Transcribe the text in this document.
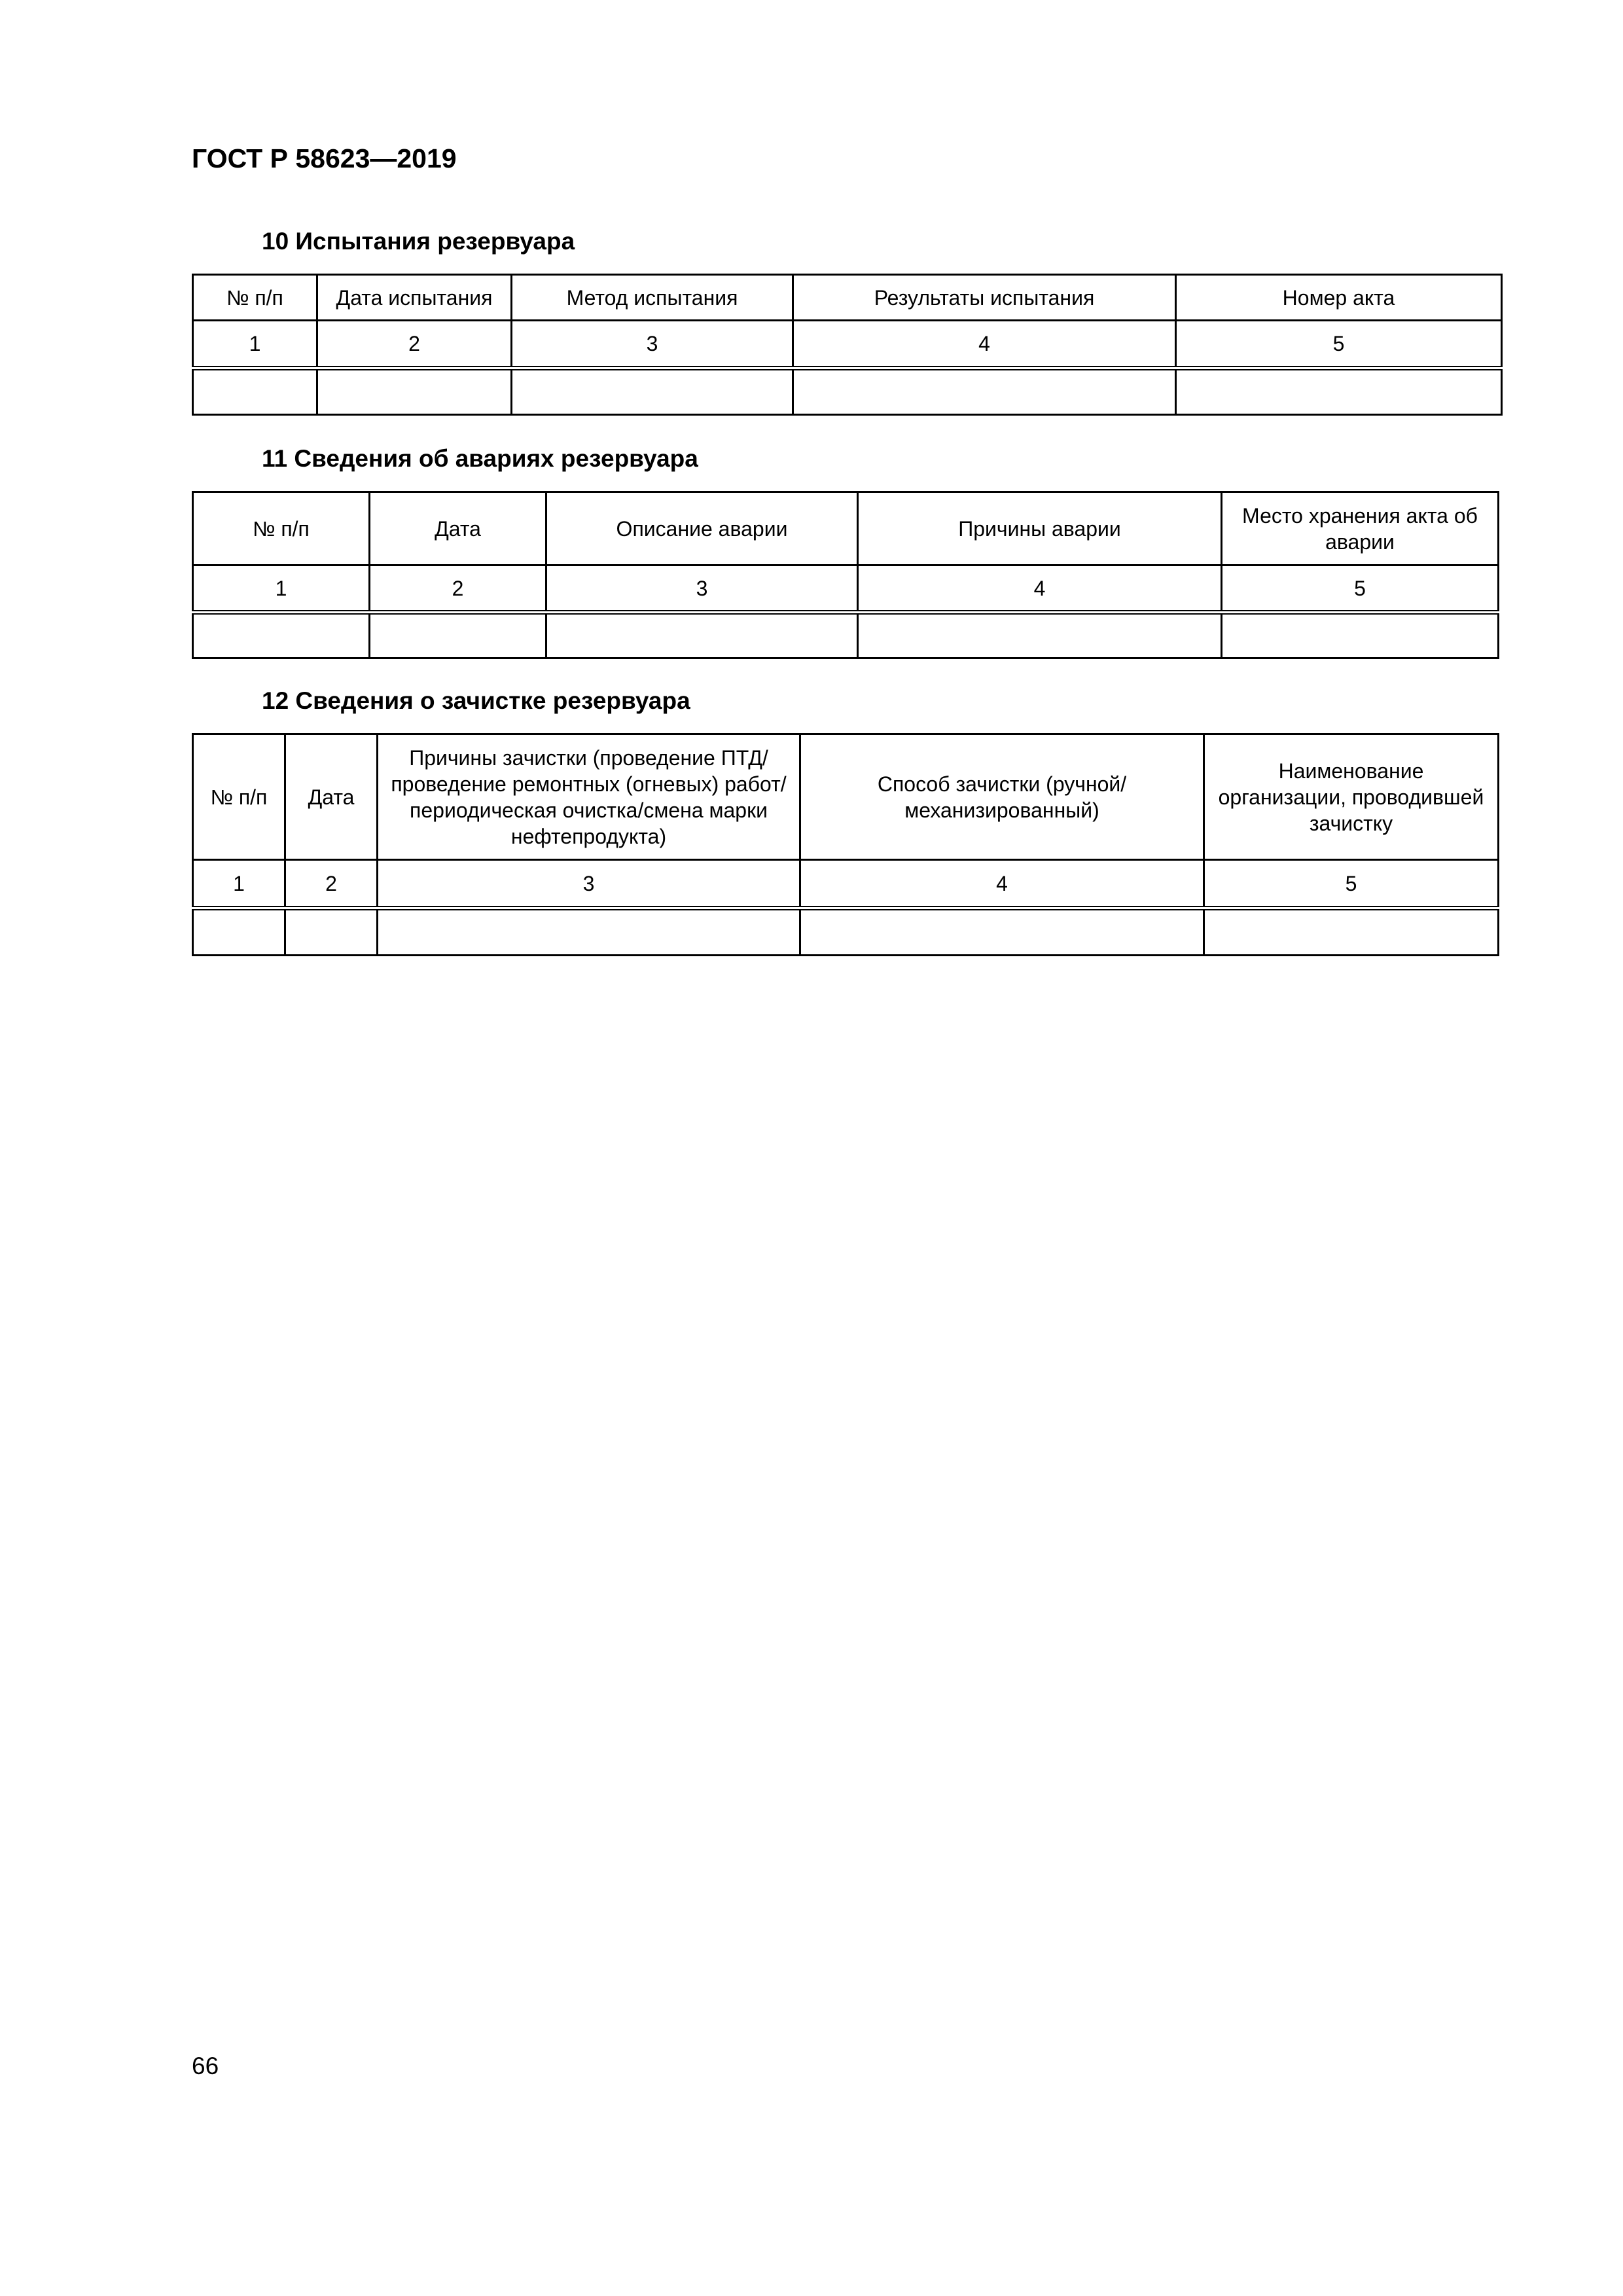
ГОСТ Р 58623—2019
10 Испытания резервуара
№ п/п	Дата испытания	Метод испытания	Результаты испытания	Номер акта
1	2	3	4	5

11 Сведения об авариях резервуара
№ п/п	Дата	Описание аварии	Причины аварии	Место хранения акта об аварии
1	2	3	4	5

12 Сведения о зачистке резервуара
№ п/п	Дата	Причины зачистки (проведение ПТД/ проведение ремонтных (огневых) работ/ периодическая очистка/смена марки нефтепродукта)	Способ зачистки (ручной/ механизированный)	Наименование организации, проводившей зачистку
1	2	3	4	5

66
